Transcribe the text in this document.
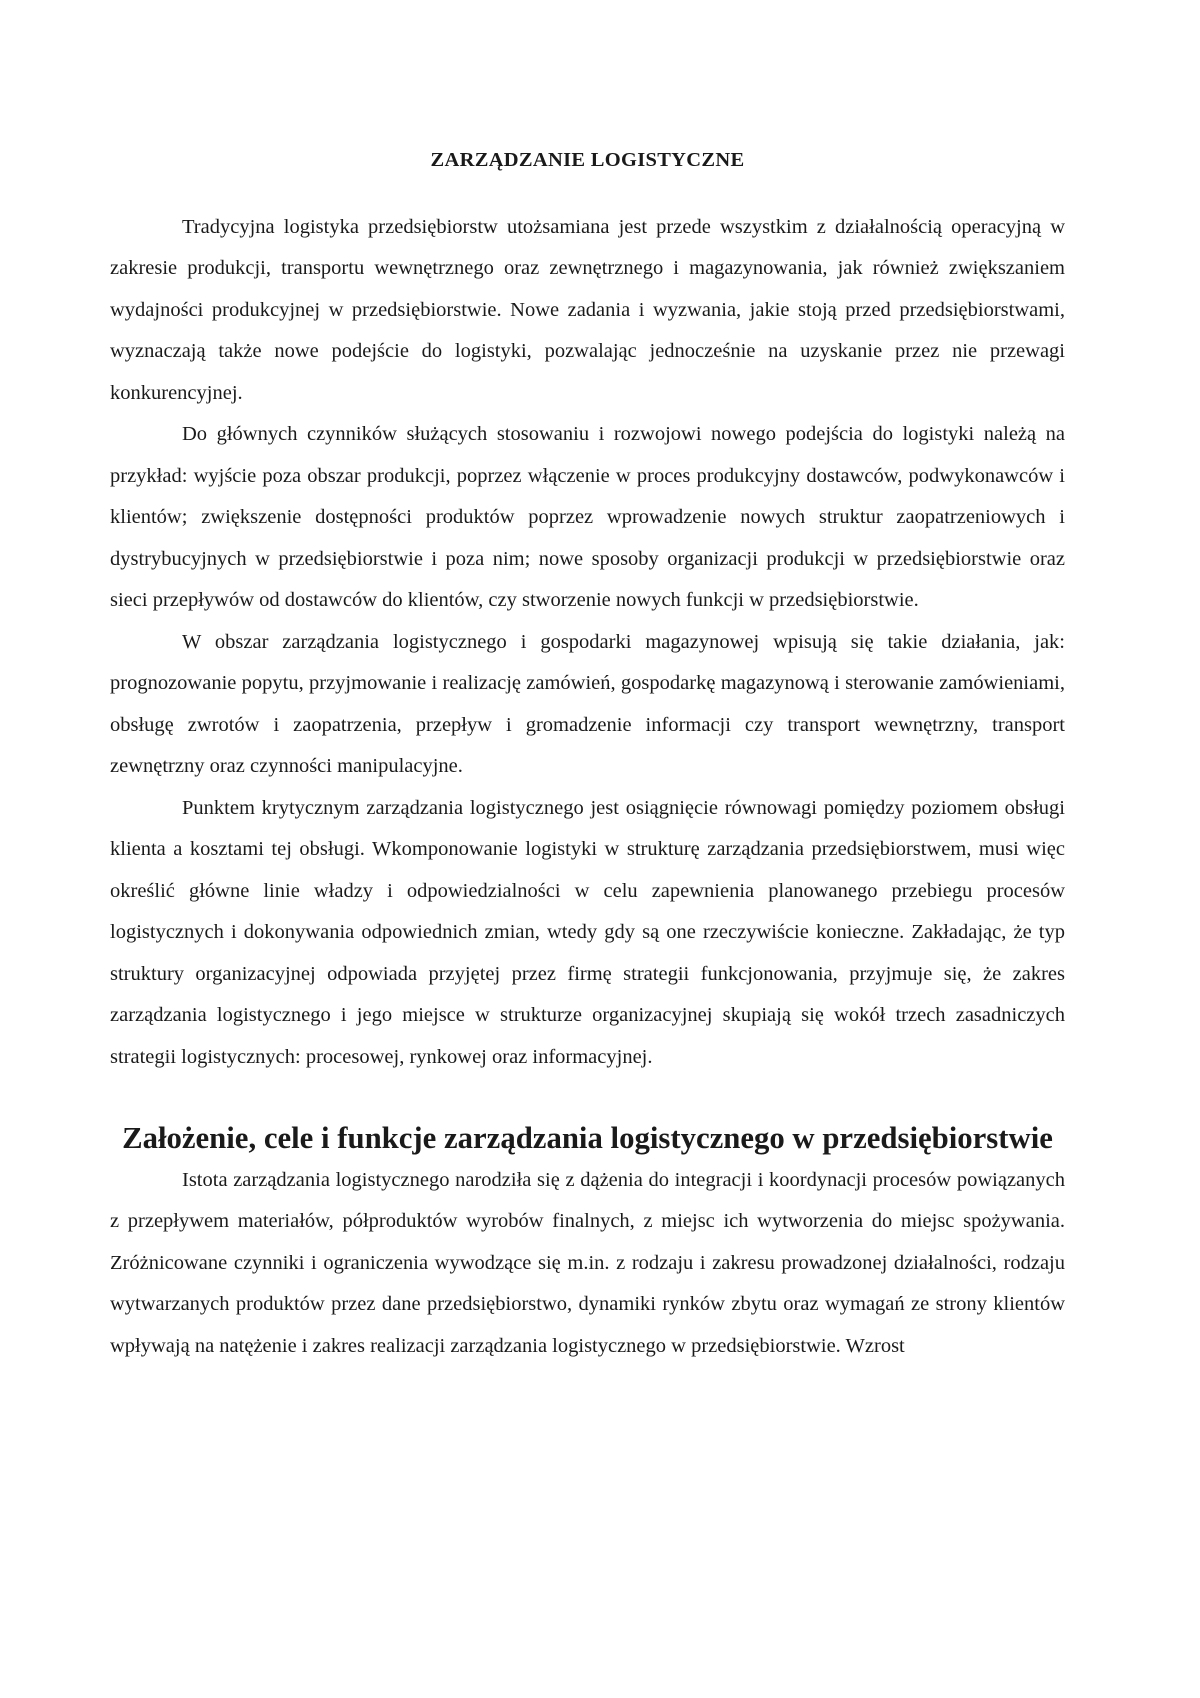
ZARZĄDZANIE LOGISTYCZNE

Tradycyjna logistyka przedsiębiorstw utożsamiana jest przede wszystkim z działalnością operacyjną w zakresie produkcji, transportu wewnętrznego oraz zewnętrznego i magazynowania, jak również zwiększaniem wydajności produkcyjnej w przedsiębiorstwie. Nowe zadania i wyzwania, jakie stoją przed przedsiębiorstwami, wyznaczają także nowe podejście do logistyki, pozwalając jednocześnie na uzyskanie przez nie przewagi konkurencyjnej.

Do głównych czynników służących stosowaniu i rozwojowi nowego podejścia do logistyki należą na przykład: wyjście poza obszar produkcji, poprzez włączenie w proces produkcyjny dostawców, podwykonawców i klientów; zwiększenie dostępności produktów poprzez wprowadzenie nowych struktur zaopatrzeniowych i dystrybucyjnych w przedsiębiorstwie i poza nim; nowe sposoby organizacji produkcji w przedsiębiorstwie oraz sieci przepływów od dostawców do klientów, czy stworzenie nowych funkcji w przedsiębiorstwie.

W obszar zarządzania logistycznego i gospodarki magazynowej wpisują się takie działania, jak: prognozowanie popytu, przyjmowanie i realizację zamówień, gospodarkę magazynową i sterowanie zamówieniami, obsługę zwrotów i zaopatrzenia, przepływ i gromadzenie informacji czy transport wewnętrzny, transport zewnętrzny oraz czynności manipulacyjne.

Punktem krytycznym zarządzania logistycznego jest osiągnięcie równowagi pomiędzy poziomem obsługi klienta a kosztami tej obsługi. Wkomponowanie logistyki w strukturę zarządzania przedsiębiorstwem, musi więc określić główne linie władzy i odpowiedzialności w celu zapewnienia planowanego przebiegu procesów logistycznych i dokonywania odpowiednich zmian, wtedy gdy są one rzeczywiście konieczne. Zakładając, że typ struktury organizacyjnej odpowiada przyjętej przez firmę strategii funkcjonowania, przyjmuje się, że zakres zarządzania logistycznego i jego miejsce w strukturze organizacyjnej skupiają się wokół trzech zasadniczych strategii logistycznych: procesowej, rynkowej oraz informacyjnej.

Założenie, cele i funkcje zarządzania logistycznego w przedsiębiorstwie

Istota zarządzania logistycznego narodziła się z dążenia do integracji i koordynacji procesów powiązanych z przepływem materiałów, półproduktów wyrobów finalnych, z miejsc ich wytworzenia do miejsc spożywania. Zróżnicowane czynniki i ograniczenia wywodzące się m.in. z rodzaju i zakresu prowadzonej działalności, rodzaju wytwarzanych produktów przez dane przedsiębiorstwo, dynamiki rynków zbytu oraz wymagań ze strony klientów wpływają na natężenie i zakres realizacji zarządzania logistycznego w przedsiębiorstwie. Wzrost
